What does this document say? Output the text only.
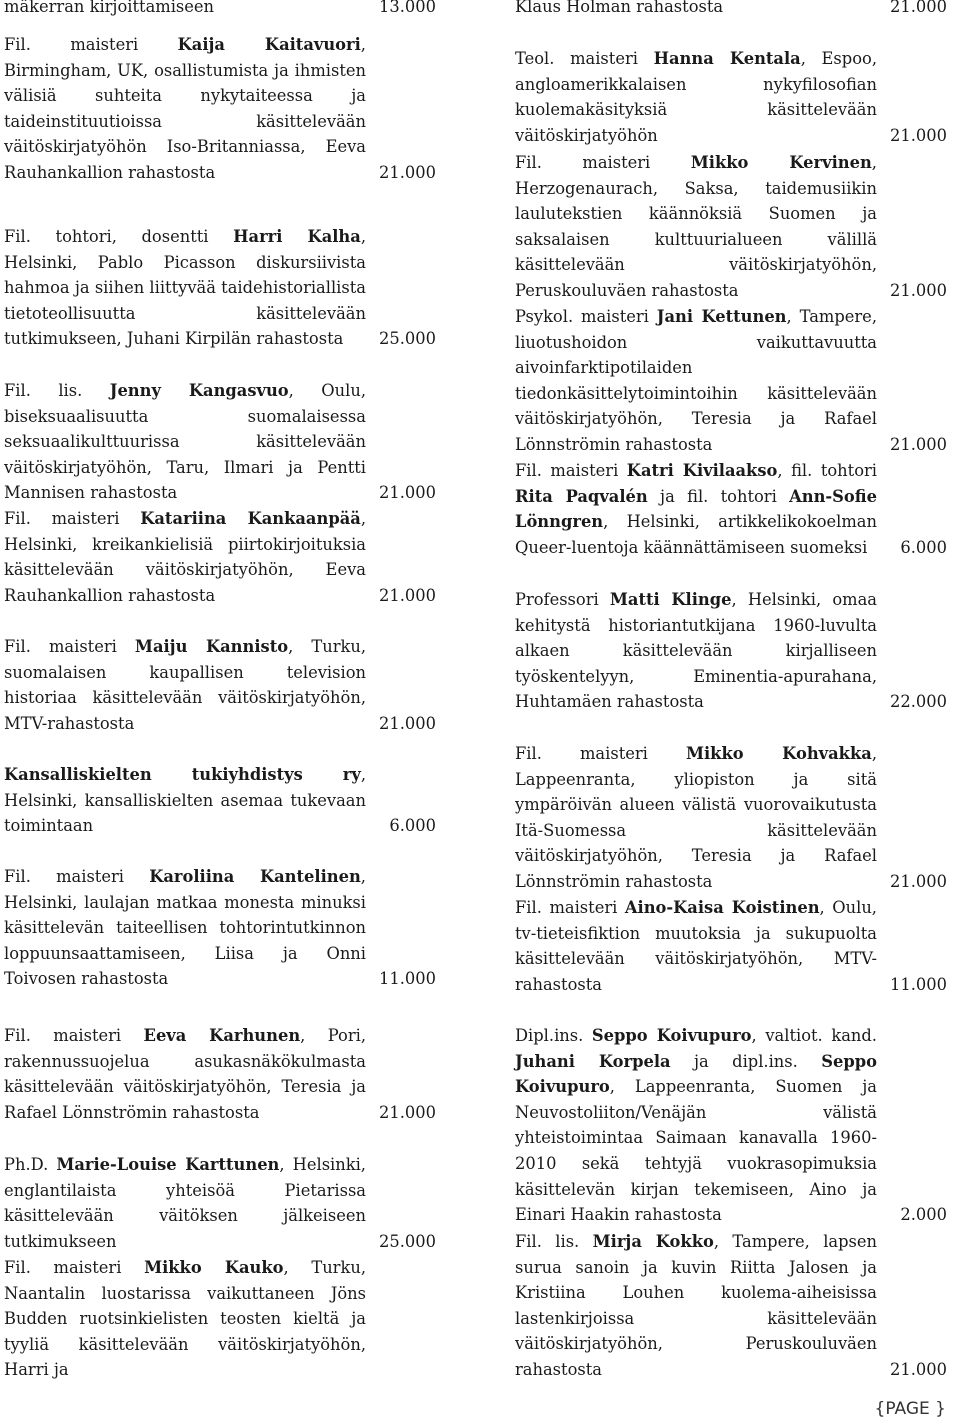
mäkerran kirjoittamiseen	13.000
Fil. maisteri Kaija Kaitavuori, Birmingham, UK, osallistumista ja ihmisten välisiä suhteita nykytaiteessa ja taideinstituutioissa käsittelevään väitöskirjatyöhön Iso-Britanniassa, Eeva Rauhankallion rahastosta	21.000
Fil. tohtori, dosentti Harri Kalha, Helsinki, Pablo Picasson diskursiivista hahmoa ja siihen liittyvää taidehistoriallista tietoteollisuutta käsittelevään tutkimukseen, Juhani Kirpilän rahastosta	25.000
Fil. lis. Jenny Kangasvuo, Oulu, biseksuaalisuutta suomalaisessa seksuaalikulttuurissa käsittelevään väitöskirjatyöhön, Taru, Ilmari ja Pentti Mannisen rahastosta	21.000
Fil. maisteri Katariina Kankaanpää, Helsinki, kreikankielisiä piirtokirjoituksia käsittelevään väitöskirjatyöhön, Eeva Rauhankallion rahastosta	21.000
Fil. maisteri Maiju Kannisto, Turku, suomalaisen kaupallisen television historiaa käsittelevään väitöskirjatyöhön, MTV-rahastosta	21.000
Kansalliskielten tukiyhdistys ry, Helsinki, kansalliskielten asemaa tukevaan toimintaan	6.000
Fil. maisteri Karoliina Kantelinen, Helsinki, laulajan matkaa monesta minuksi käsittelevän taiteellisen tohtorintutkinnon loppuunsaattamiseen, Liisa ja Onni Toivosen rahastosta	11.000
Fil. maisteri Eeva Karhunen, Pori, rakennussuojelua asukasnäkökulmasta käsittelevään väitöskirjatyöhön, Teresia ja Rafael Lönnströmin rahastosta	21.000
Ph.D. Marie-Louise Karttunen, Helsinki, englantilaista yhteisöä Pietarissa käsittelevään väitöksen jälkeiseen tutkimukseen	25.000
Fil. maisteri Mikko Kauko, Turku, Naantalin luostarissa vaikuttaneen Jöns Budden ruotsinkielisten teosten kieltä ja tyyliä käsittelevään väitöskirjatyöhön, Harri ja
Klaus Holman rahastosta	21.000
Teol. maisteri Hanna Kentala, Espoo, angloamerikkalaisen nykyfilosofian kuolemakäsityksiä käsittelevään väitöskirjatyöhön	21.000
Fil. maisteri Mikko Kervinen, Herzogenaurach, Saksa, taidemusiikin laulutekstien käännöksiä Suomen ja saksalaisen kulttuurialueen välillä käsittelevään väitöskirjatyöhön, Peruskouluväen rahastosta	21.000
Psykol. maisteri Jani Kettunen, Tampere, liuotushoidon vaikuttavuutta aivoinfarktipotilaiden tiedonkäsittelytoimintoihin käsittelevään väitöskirjatyöhön, Teresia ja Rafael Lönnströmin rahastosta	21.000
Fil. maisteri Katri Kivilaakso, fil. tohtori Rita Paqvalén ja fil. tohtori Ann-Sofie Lönngren, Helsinki, artikkelikokoelman Queer-luentoja käännättämiseen suomeksi	6.000
Professori Matti Klinge, Helsinki, omaa kehitystä historiantutkijana 1960-luvulta alkaen käsittelevään kirjalliseen työskentelyyn, Eminentia-apurahana, Huhtamäen rahastosta	22.000
Fil. maisteri Mikko Kohvakka, Lappeenranta, yliopiston ja sitä ympäröivän alueen välistä vuorovaikutusta Itä-Suomessa käsittelevään väitöskirjatyöhön, Teresia ja Rafael Lönnströmin rahastosta	21.000
Fil. maisteri Aino-Kaisa Koistinen, Oulu, tv-tieteisfiktion muutoksia ja sukupuolta käsittelevään väitöskirjatyöhön, MTV-rahastosta	11.000
Dipl.ins. Seppo Koivupuro, valtiot. kand. Juhani Korpela ja dipl.ins. Seppo Koivupuro, Lappeenranta, Suomen ja Neuvostoliiton/Venäjän välistä yhteistoimintaa Saimaan kanavalla 1960-2010 sekä tehtyjä vuokrasopimuksia käsittelevän kirjan tekemiseen, Aino ja Einari Haakin rahastosta	2.000
Fil. lis. Mirja Kokko, Tampere, lapsen surua sanoin ja kuvin Riitta Jalosen ja Kristiina Louhen kuolema-aiheisissa lastenkirjoissa käsittelevään väitöskirjatyöhön, Peruskouluväen rahastosta	21.000
{PAGE }
